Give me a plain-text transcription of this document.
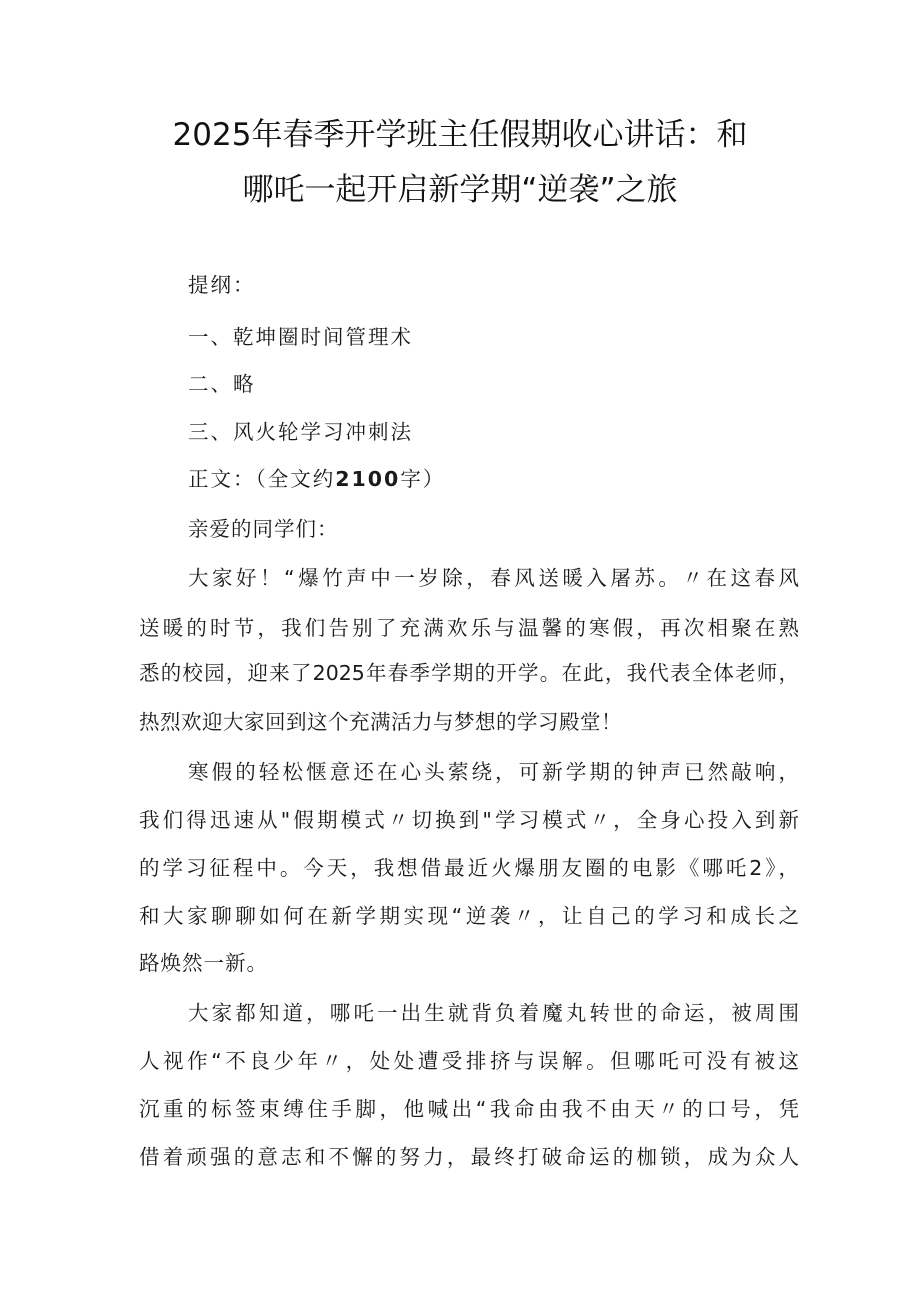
2025年春季开学班主任假期收心讲话：和
哪吒一起开启新学期“逆袭”之旅
提纲：
一、乾坤圈时间管理术
二、略
三、风火轮学习冲刺法
正文：（全文约2100字）
亲爱的同学们：
大家好！“爆竹声中一岁除，春风送暖入屠苏。〃在这春风
送暖的时节，我们告别了充满欢乐与温馨的寒假，再次相聚在熟
悉的校园，迎来了2025年春季学期的开学。在此，我代表全体老师，
热烈欢迎大家回到这个充满活力与梦想的学习殿堂！
寒假的轻松惬意还在心头萦绕，可新学期的钟声已然敲响，
我们得迅速从"假期模式〃切换到"学习模式〃，全身心投入到新
的学习征程中。今天，我想借最近火爆朋友圈的电影《哪吒2》，
和大家聊聊如何在新学期实现“逆袭〃，让自己的学习和成长之
路焕然一新。
大家都知道，哪吒一出生就背负着魔丸转世的命运，被周围
人视作“不良少年〃，处处遭受排挤与误解。但哪吒可没有被这
沉重的标签束缚住手脚，他喊出“我命由我不由天〃的口号，凭
借着顽强的意志和不懈的努力，最终打破命运的枷锁，成为众人
